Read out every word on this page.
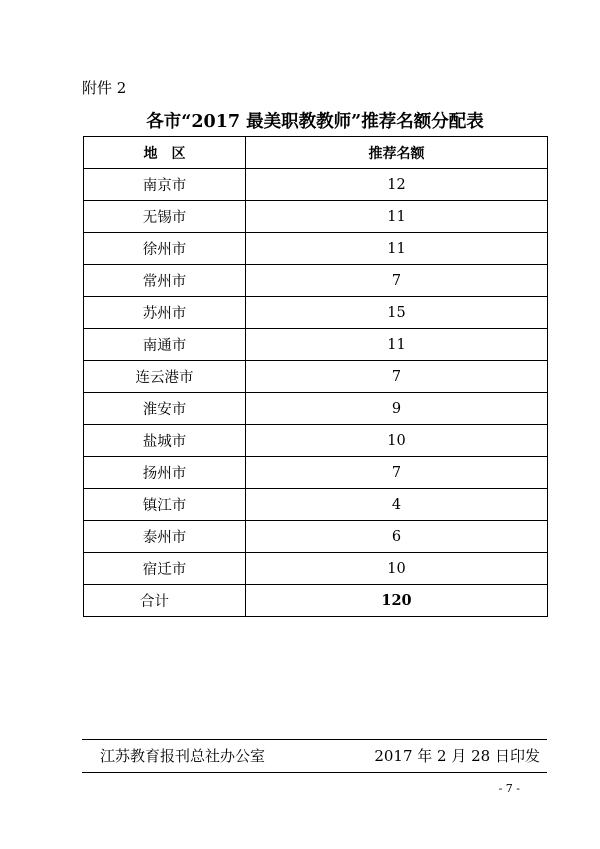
附件 2
各市“2017 最美职教教师”推荐名额分配表
地　区	推荐名额
南京市	12
无锡市	11
徐州市	11
常州市	7
苏州市	15
南通市	11
连云港市	7
淮安市	9
盐城市	10
扬州市	7
镇江市	4
泰州市	6
宿迁市	10
合计	120
江苏教育报刊总社办公室	2017 年 2 月 28 日印发
- 7 -
